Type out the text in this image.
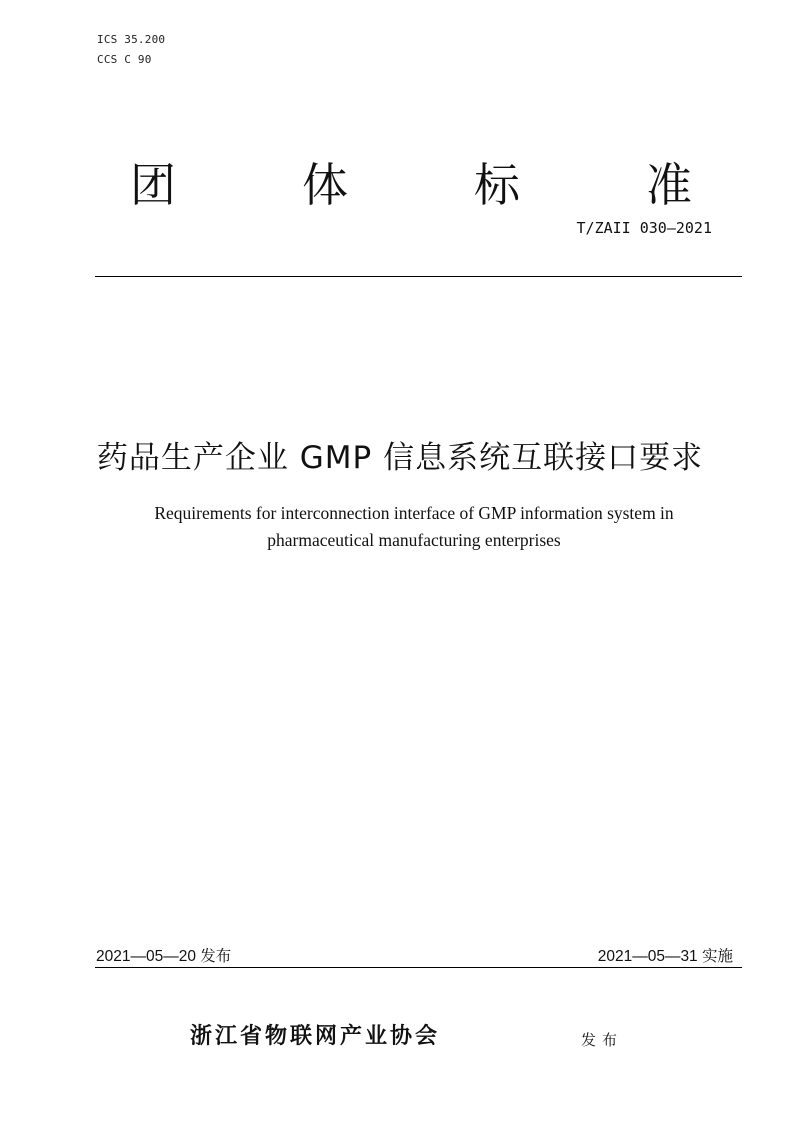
ICS 35.200
CCS C 90
团	体	标	准
T/ZAII 030—2021
药品生产企业 GMP 信息系统互联接口要求
Requirements for interconnection interface of GMP information system in
pharmaceutical manufacturing enterprises
2021—05—20 发布	2021—05—31 实施
浙江省物联网产业协会	发布
